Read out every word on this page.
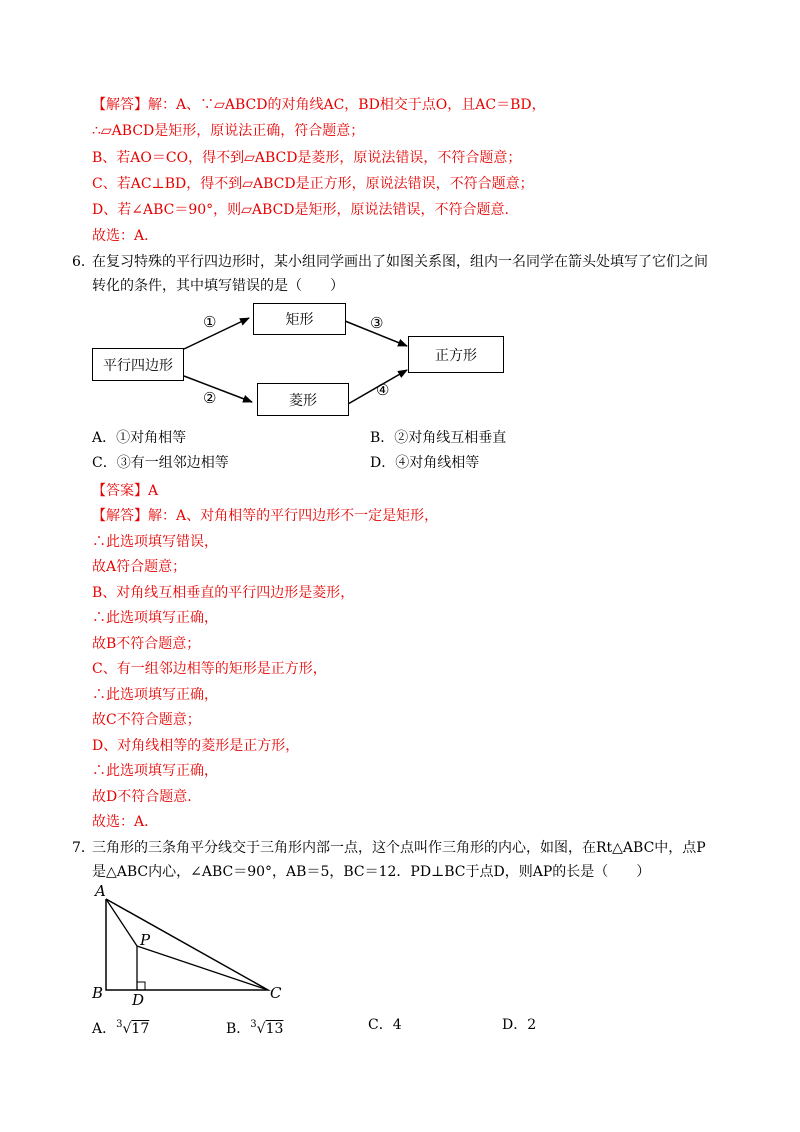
【解答】解：A、∵▱ABCD的对角线AC，BD相交于点O，且AC＝BD，
∴▱ABCD是矩形，原说法正确，符合题意；
B、若AO＝CO，得不到▱ABCD是菱形，原说法错误，不符合题意；
C、若AC⊥BD，得不到▱ABCD是正方形，原说法错误，不符合题意；
D、若∠ABC＝90°，则▱ABCD是矩形，原说法错误，不符合题意.
故选：A．
6．
在复习特殊的平行四边形时，某小组同学画出了如图关系图，组内一名同学在箭头处填写了它们之间
转化的条件，其中填写错误的是（　　）
平行四边形
矩形
菱形
正方形
①
②
③
④
A．①对角相等	B．②对角线互相垂直
C．③有一组邻边相等	D．④对角线相等
【答案】A
【解答】解：A、对角相等的平行四边形不一定是矩形，
∴此选项填写错误，
故A符合题意；
B、对角线互相垂直的平行四边形是菱形，
∴此选项填写正确，
故B不符合题意；
C、有一组邻边相等的矩形是正方形，
∴此选项填写正确，
故C不符合题意；
D、对角线相等的菱形是正方形，
∴此选项填写正确，
故D不符合题意.
故选：A．
7．
三角形的三条角平分线交于三角形内部一点，这个点叫作三角形的内心，如图，在Rt△ABC中，点P
是△ABC内心，∠ABC＝90°，AB＝5，BC＝12．PD⊥BC于点D，则AP的长是（　　）
A
B	C
P
D
A．$^3$√17	B．$^3$√13	C．4	D．2
